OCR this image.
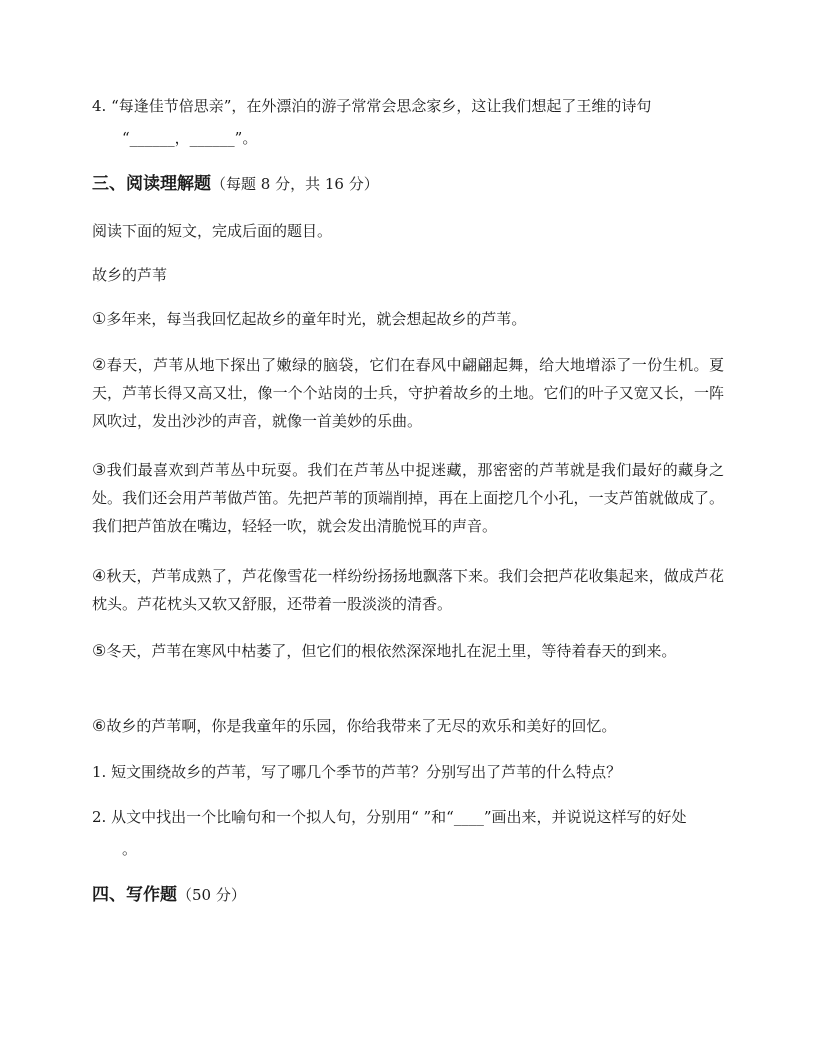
4. “每逢佳节倍思亲”，在外漂泊的游子常常会思念家乡，这让我们想起了王维的诗句
“______，______”。
三、阅读理解题（每题 8 分，共 16 分）
阅读下面的短文，完成后面的题目。
故乡的芦苇
①多年来，每当我回忆起故乡的童年时光，就会想起故乡的芦苇。
②春天，芦苇从地下探出了嫩绿的脑袋，它们在春风中翩翩起舞，给大地增添了一份生机。夏天，芦苇长得又高又壮，像一个个站岗的士兵，守护着故乡的土地。它们的叶子又宽又长，一阵风吹过，发出沙沙的声音，就像一首美妙的乐曲。
③我们最喜欢到芦苇丛中玩耍。我们在芦苇丛中捉迷藏，那密密的芦苇就是我们最好的藏身之处。我们还会用芦苇做芦笛。先把芦苇的顶端削掉，再在上面挖几个小孔，一支芦笛就做成了。我们把芦笛放在嘴边，轻轻一吹，就会发出清脆悦耳的声音。
④秋天，芦苇成熟了，芦花像雪花一样纷纷扬扬地飘落下来。我们会把芦花收集起来，做成芦花枕头。芦花枕头又软又舒服，还带着一股淡淡的清香。
⑤冬天，芦苇在寒风中枯萎了，但它们的根依然深深地扎在泥土里，等待着春天的到来。
⑥故乡的芦苇啊，你是我童年的乐园，你给我带来了无尽的欢乐和美好的回忆。
1. 短文围绕故乡的芦苇，写了哪几个季节的芦苇？分别写出了芦苇的什么特点？
2. 从文中找出一个比喻句和一个拟人句，分别用“ ”和“____”画出来，并说说这样写的好处
。
四、写作题（50 分）
